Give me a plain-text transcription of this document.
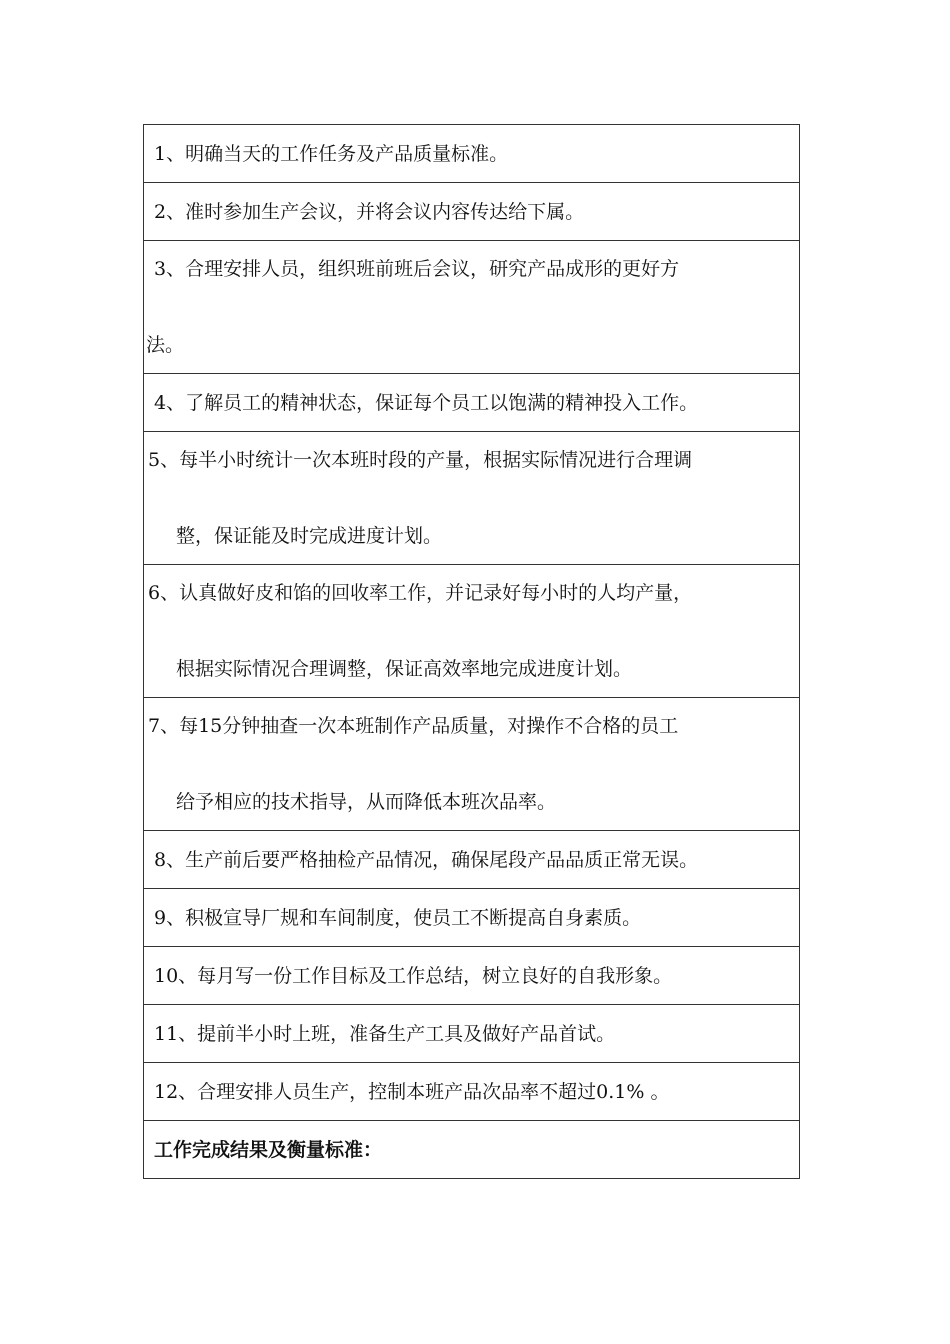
1、明确当天的工作任务及产品质量标准。

2、准时参加生产会议，并将会议内容传达给下属。

3、合理安排人员，组织班前班后会议，研究产品成形的更好方
法。

4、了解员工的精神状态，保证每个员工以饱满的精神投入工作。

5、每半小时统计一次本班时段的产量，根据实际情况进行合理调
整，保证能及时完成进度计划。

6、认真做好皮和馅的回收率工作，并记录好每小时的人均产量，
根据实际情况合理调整，保证高效率地完成进度计划。

7、每15分钟抽查一次本班制作产品质量，对操作不合格的员工
给予相应的技术指导，从而降低本班次品率。

8、生产前后要严格抽检产品情况，确保尾段产品品质正常无误。

9、积极宣导厂规和车间制度，使员工不断提高自身素质。

10、每月写一份工作目标及工作总结，树立良好的自我形象。

11、提前半小时上班，准备生产工具及做好产品首试。

12、合理安排人员生产，控制本班产品次品率不超过0.1% 。

工作完成结果及衡量标准：
